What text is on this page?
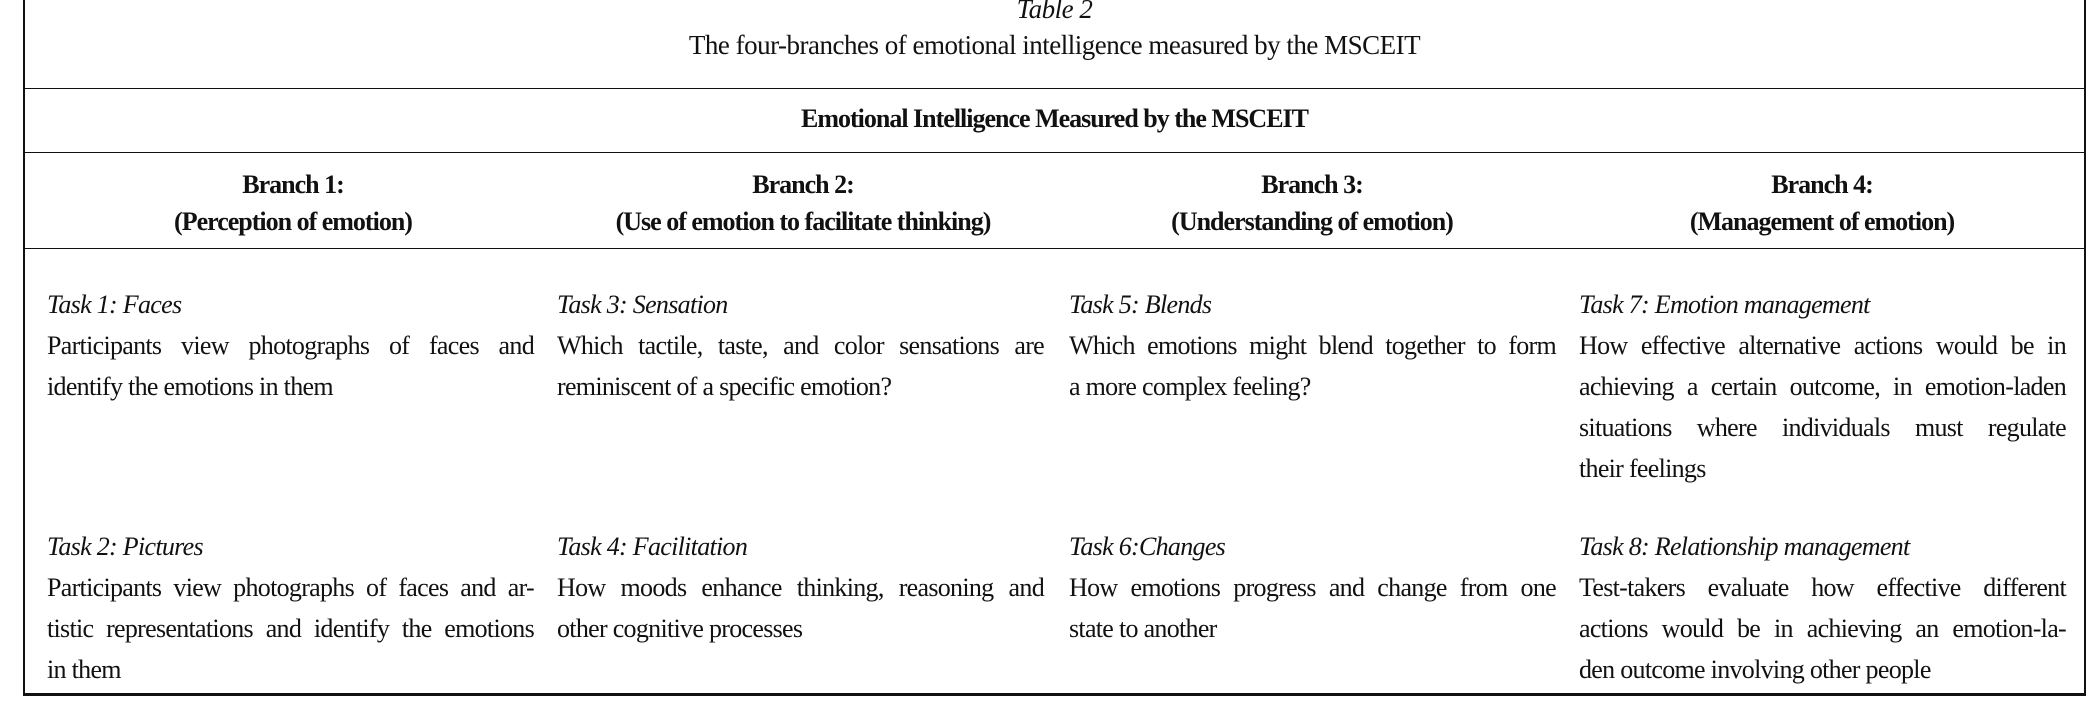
Table 2
The four-branches of emotional intelligence measured by the MSCEIT
Emotional Intelligence Measured by the MSCEIT
Branch 1:
(Perception of emotion)
Branch 2:
(Use of emotion to facilitate thinking)
Branch 3:
(Understanding of emotion)
Branch 4:
(Management of emotion)
Task 1: Faces
Participants view photographs of faces and
identify the emotions in them
Task 3: Sensation
Which tactile, taste, and color sensations are
reminiscent of a specific emotion?
Task 5: Blends
Which emotions might blend together to form
a more complex feeling?
Task 7: Emotion management
How effective alternative actions would be in
achieving a certain outcome, in emotion-laden
situations where individuals must regulate
their feelings
Task 2: Pictures
Participants view photographs of faces and ar-
tistic representations and identify the emotions
in them
Task 4: Facilitation
How moods enhance thinking, reasoning and
other cognitive processes
Task 6:Changes
How emotions progress and change from one
state to another
Task 8: Relationship management
Test-takers evaluate how effective different
actions would be in achieving an emotion-la-
den outcome involving other people
